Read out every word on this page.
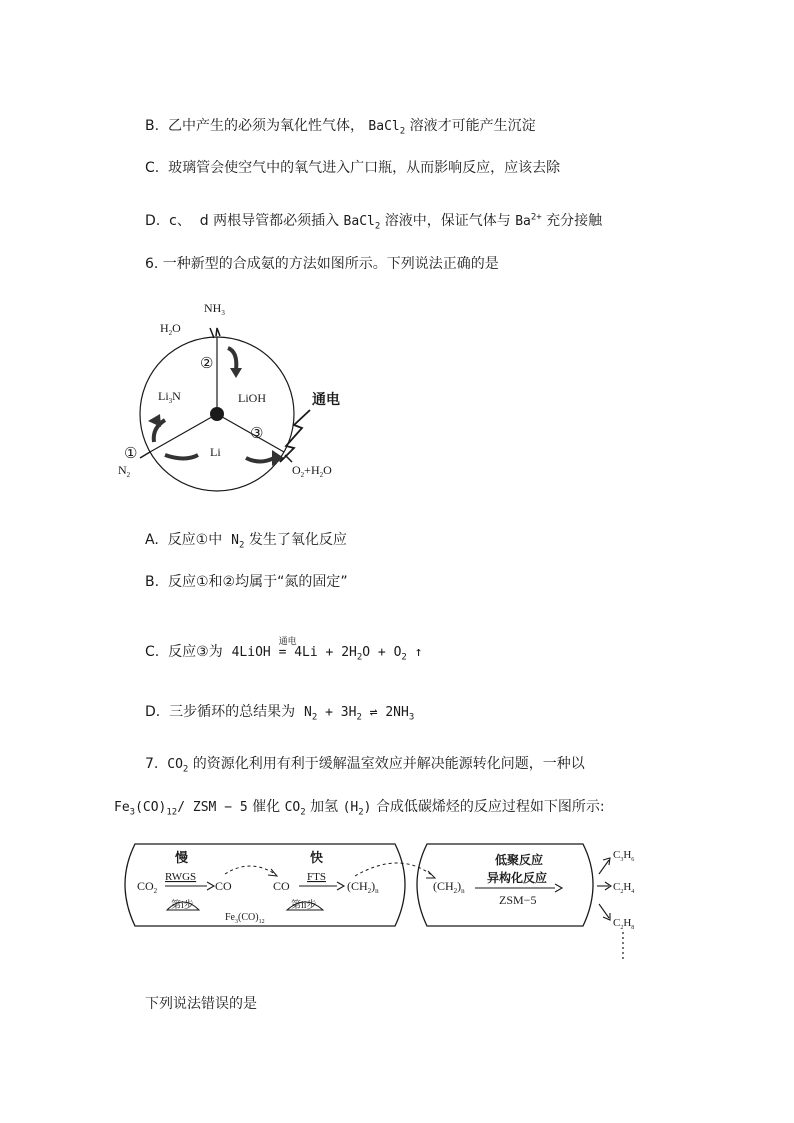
B. 乙中产生的必须为氧化性气体， BaCl$_2$ 溶液才可能产生沉淀
C. 玻璃管会使空气中的氧气进入广口瓶，从而影响反应，应该去除
D. c、 d 两根导管都必须插入 BaCl$_2$ 溶液中，保证气体与 $Ba^{2+}$ 充分接触
6. 一种新型的合成氨的方法如图所示。下列说法正确的是
$NH_3$
$H_2O$
②
$Li_3N$	LiOH	通电
③
①	Li
$N_2$	$O_2+H_2O$
A. 反应①中 $N_2$ 发生了氧化反应
B. 反应①和②均属于“氮的固定”
C. 反应③为 4LiOH
通电
= $4Li + 2H_2O + O_2$ ↑
D. 三步循环的总结果为 $N_2 + 3H_2$ ⇌ $2NH_3$
7. $CO_2$ 的资源化利用有利于缓解温室效应并解决能源转化问题，一种以
$Fe_3(CO)_{12}/$ ZSM − 5 催化 $CO_2$ 加氢 $(H_2)$ 合成低碳烯烃的反应过程如下图所示:
慢	快
$CO_2$
RWGS
CO	CO
FTS
$(CH_2)_n$	$(CH_2)_n$
第i步	第ii步
$Fe_3(CO)_{12}$
低聚反应
异构化反应
ZSM−5
$C_3H_6$
$C_2H_4$
$C_2H_8$
下列说法错误的是
